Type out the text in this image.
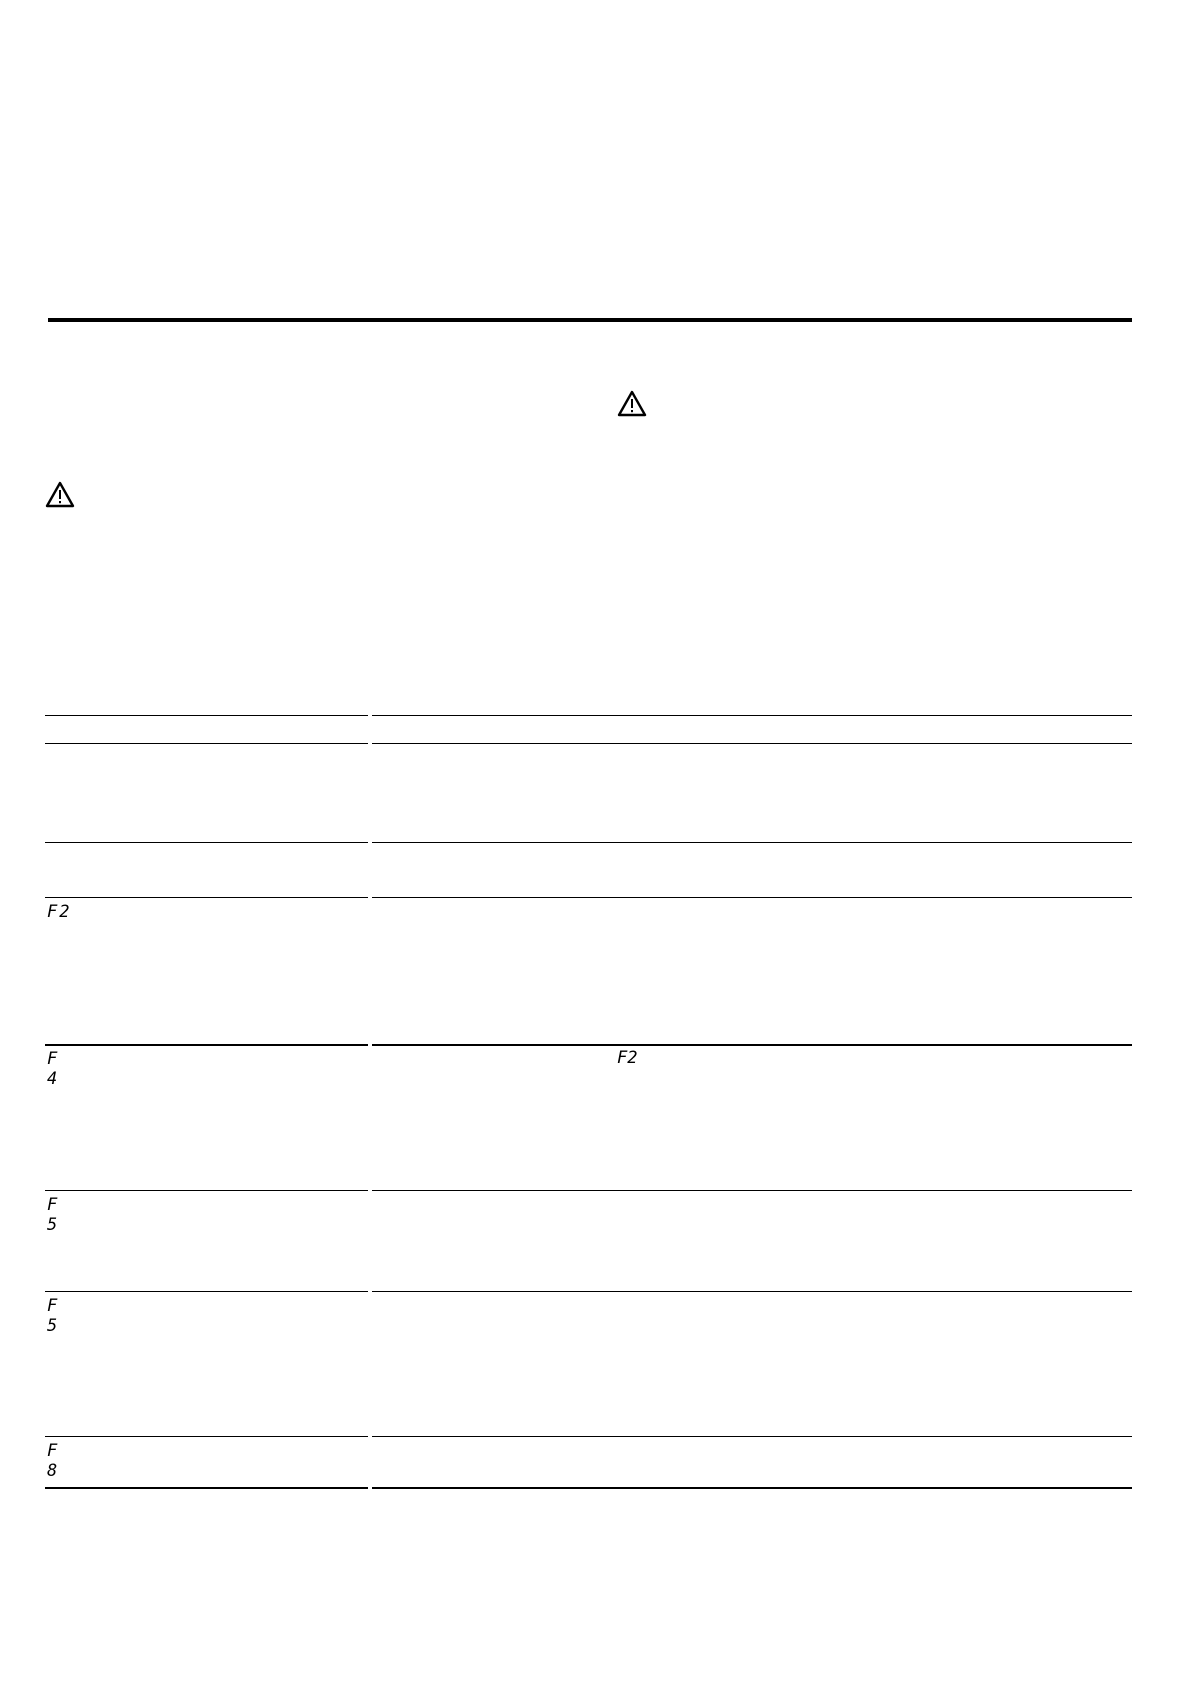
F2
F 4
F 5
F 5
F 8
F2
